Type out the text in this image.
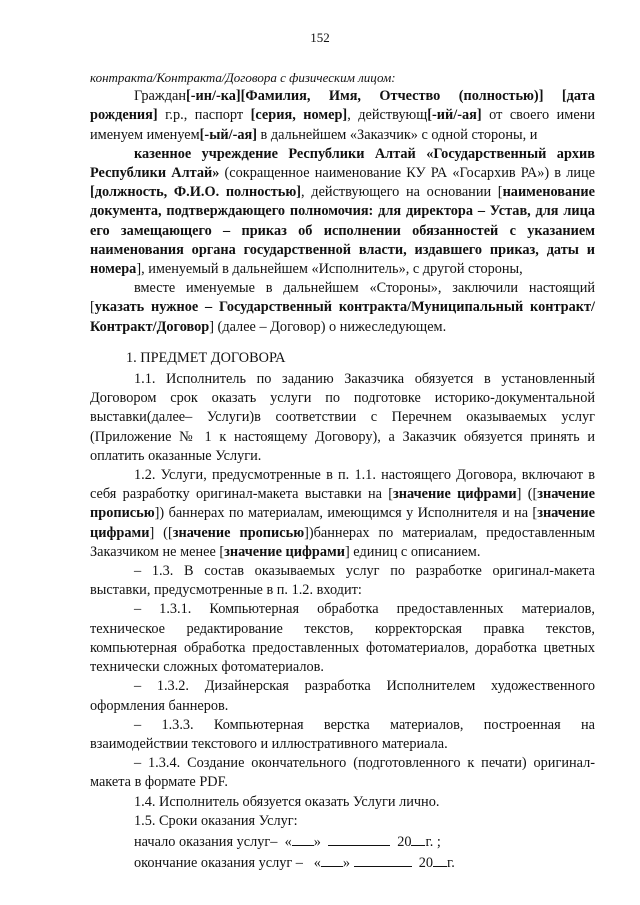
152

контракта/Контракта/Договора с физическим лицом:

Граждан[-ин/-ка][Фамилия, Имя, Отчество (полностью)] [дата рождения] г.р., паспорт [серия, номер], действующ[-ий/-ая] от своего имени именуем именуем[-ый/-ая] в дальнейшем «Заказчик» с одной стороны, и

казенное учреждение Республики Алтай «Государственный архив Республики Алтай» (сокращенное наименование КУ РА «Госархив РА») в лице [должность, Ф.И.О. полностью], действующего на основании [наименование документа, подтверждающего полномочия: для директора – Устав, для лица его замещающего – приказ об исполнении обязанностей с указанием наименования органа государственной власти, издавшего приказ, даты и номера], именуемый в дальнейшем «Исполнитель», с другой стороны,

вместе именуемые в дальнейшем «Стороны», заключили настоящий [указать нужное – Государственный контракта/Муниципальный контракт/Контракт/Договор] (далее – Договор) о нижеследующем.

1. ПРЕДМЕТ ДОГОВОРА

1.1. Исполнитель по заданию Заказчика обязуется в установленный Договором срок оказать услуги по подготовке историко-документальной выставки(далее– Услуги)в соответствии с Перечнем оказываемых услуг (Приложение № 1 к настоящему Договору), а Заказчик обязуется принять и оплатить оказанные Услуги.

1.2. Услуги, предусмотренные в п. 1.1. настоящего Договора, включают в себя разработку оригинал-макета выставки на [значение цифрами] ([значение прописью]) баннерах по материалам, имеющимся у Исполнителя и на [значение цифрами] ([значение прописью])баннерах по материалам, предоставленным Заказчиком не менее [значение цифрами] единиц с описанием.

– 1.3. В состав оказываемых услуг по разработке оригинал-макета выставки, предусмотренные в п. 1.2. входит:

– 1.3.1. Компьютерная обработка предоставленных материалов, техническое редактирование текстов, корректорская правка текстов, компьютерная обработка предоставленных фотоматериалов, доработка цветных технически сложных фотоматериалов.

– 1.3.2. Дизайнерская разработка Исполнителем художественного оформления баннеров.

– 1.3.3. Компьютерная верстка материалов, построенная на взаимодействии текстового и иллюстративного материала.

– 1.3.4. Создание окончательного (подготовленного к печати) оригинал-макета в формате PDF.

1.4. Исполнитель обязуется оказать Услуги лично.

1.5. Сроки оказания Услуг:

начало оказания услуг– « »	20 г. ;

окончание оказания услуг – « »	20 г.
